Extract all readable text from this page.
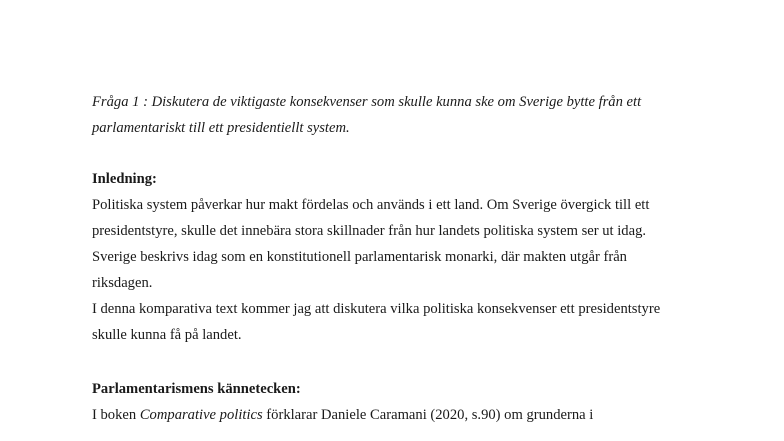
Fråga 1 : Diskutera de viktigaste konsekvenser som skulle kunna ske om Sverige bytte från ett
parlamentariskt till ett presidentiellt system.
Inledning:
Politiska system påverkar hur makt fördelas och används i ett land. Om Sverige övergick till ett
presidentstyre, skulle det innebära stora skillnader från hur landets politiska system ser ut idag.
Sverige beskrivs idag som en konstitutionell parlamentarisk monarki, där makten utgår från
riksdagen.
I denna komparativa text kommer jag att diskutera vilka politiska konsekvenser ett presidentstyre
skulle kunna få på landet.
Parlamentarismens kännetecken:
I boken Comparative politics förklarar Daniele Caramani (2020, s.90) om grunderna i
